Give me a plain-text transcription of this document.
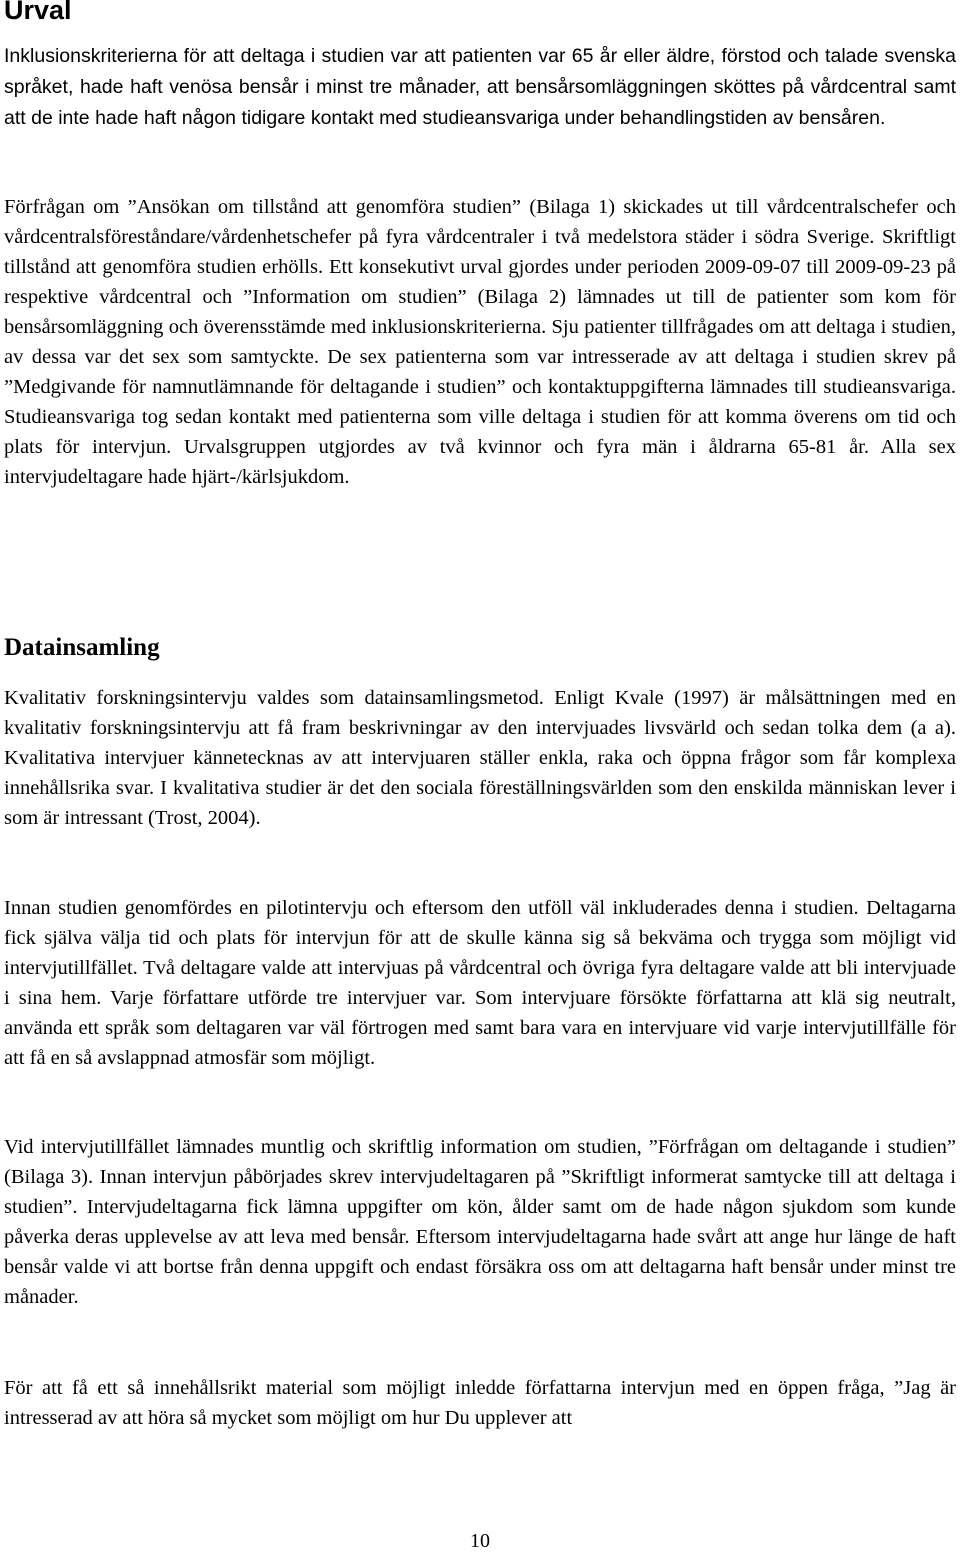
Urval

Inklusionskriterierna för att deltaga i studien var att patienten var 65 år eller äldre, förstod och talade svenska språket, hade haft venösa bensår i minst tre månader, att bensårsomläggningen sköttes på vårdcentral samt att de inte hade haft någon tidigare kontakt med studieansvariga under behandlingstiden av bensåren.

Förfrågan om ”Ansökan om tillstånd att genomföra studien” (Bilaga 1) skickades ut till vårdcentralschefer och vårdcentralsföreståndare/vårdenhetschefer på fyra vårdcentraler i två medelstora städer i södra Sverige. Skriftligt tillstånd att genomföra studien erhölls. Ett konsekutivt urval gjordes under perioden 2009-09-07 till 2009-09-23 på respektive vårdcentral och ”Information om studien” (Bilaga 2) lämnades ut till de patienter som kom för bensårsomläggning och överensstämde med inklusionskriterierna. Sju patienter tillfrågades om att deltaga i studien, av dessa var det sex som samtyckte. De sex patienterna som var intresserade av att deltaga i studien skrev på ”Medgivande för namnutlämnande för deltagande i studien” och kontaktuppgifterna lämnades till studieansvariga. Studieansvariga tog sedan kontakt med patienterna som ville deltaga i studien för att komma överens om tid och plats för intervjun. Urvalsgruppen utgjordes av två kvinnor och fyra män i åldrarna 65-81 år. Alla sex intervjudeltagare hade hjärt-/kärlsjukdom.

Datainsamling

Kvalitativ forskningsintervju valdes som datainsamlingsmetod. Enligt Kvale (1997) är målsättningen med en kvalitativ forskningsintervju att få fram beskrivningar av den intervjuades livsvärld och sedan tolka dem (a a). Kvalitativa intervjuer kännetecknas av att intervjuaren ställer enkla, raka och öppna frågor som får komplexa innehållsrika svar. I kvalitativa studier är det den sociala föreställningsvärlden som den enskilda människan lever i som är intressant (Trost, 2004).

Innan studien genomfördes en pilotintervju och eftersom den utföll väl inkluderades denna i studien. Deltagarna fick själva välja tid och plats för intervjun för att de skulle känna sig så bekväma och trygga som möjligt vid intervjutillfället. Två deltagare valde att intervjuas på vårdcentral och övriga fyra deltagare valde att bli intervjuade i sina hem. Varje författare utförde tre intervjuer var. Som intervjuare försökte författarna att klä sig neutralt, använda ett språk som deltagaren var väl förtrogen med samt bara vara en intervjuare vid varje intervjutillfälle för att få en så avslappnad atmosfär som möjligt.

Vid intervjutillfället lämnades muntlig och skriftlig information om studien, ”Förfrågan om deltagande i studien” (Bilaga 3). Innan intervjun påbörjades skrev intervjudeltagaren på ”Skriftligt informerat samtycke till att deltaga i studien”. Intervjudeltagarna fick lämna uppgifter om kön, ålder samt om de hade någon sjukdom som kunde påverka deras upplevelse av att leva med bensår. Eftersom intervjudeltagarna hade svårt att ange hur länge de haft bensår valde vi att bortse från denna uppgift och endast försäkra oss om att deltagarna haft bensår under minst tre månader.

För att få ett så innehållsrikt material som möjligt inledde författarna intervjun med en öppen fråga, ”Jag är intresserad av att höra så mycket som möjligt om hur Du upplever att

10
